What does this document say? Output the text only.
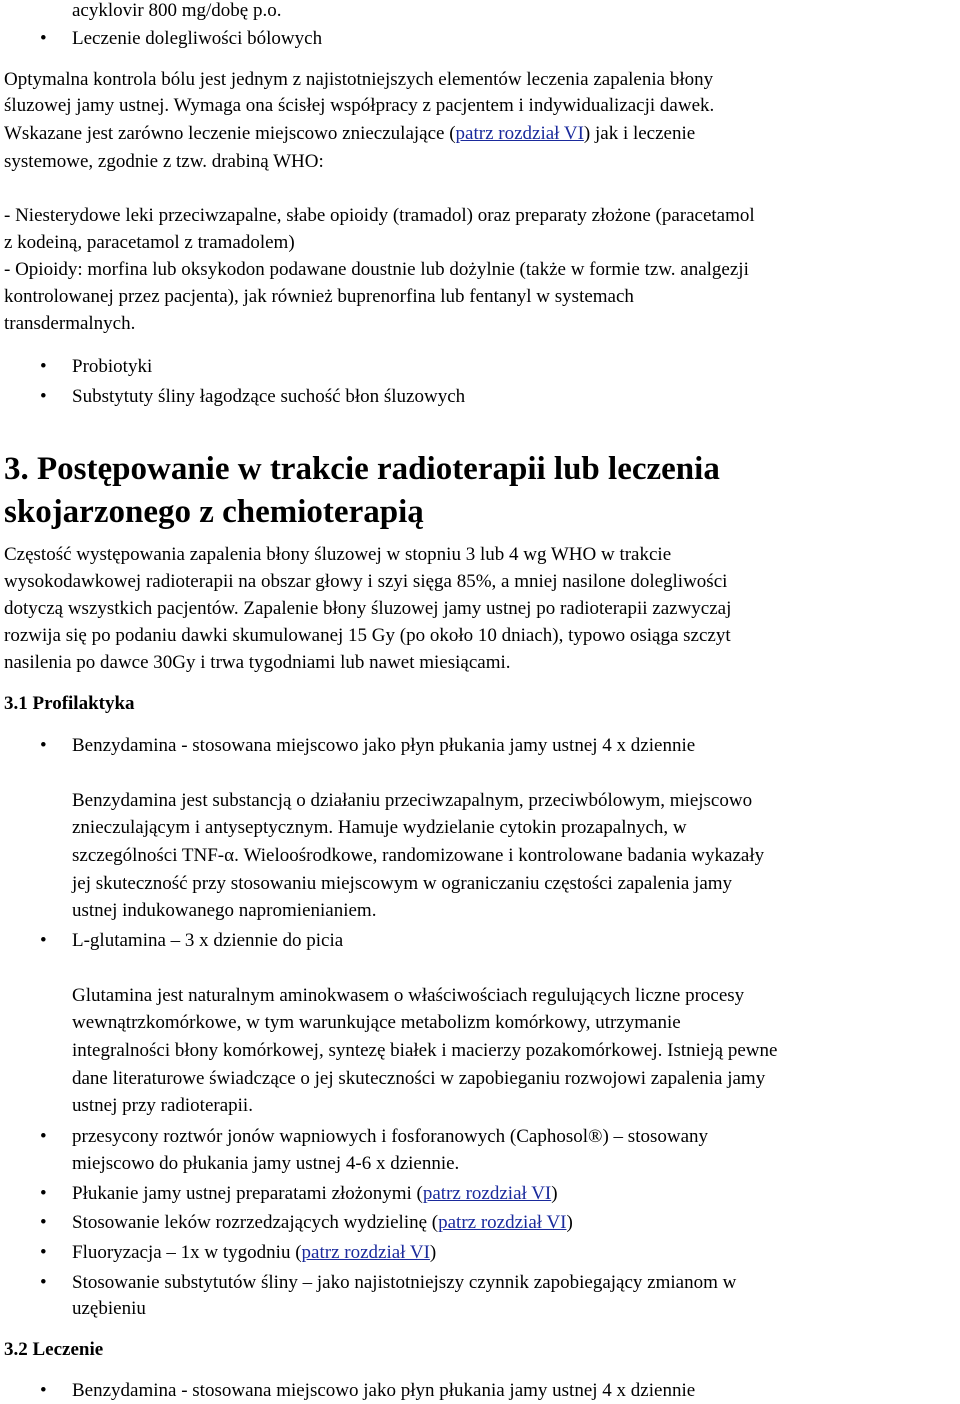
acyklovir 800 mg/dobę p.o.
• Leczenie dolegliwości bólowych
Optymalna kontrola bólu jest jednym z najistotniejszych elementów leczenia zapalenia błony
śluzowej jamy ustnej. Wymaga ona ścisłej współpracy z pacjentem i indywidualizacji dawek.
Wskazane jest zarówno leczenie miejscowo znieczulające (patrz rozdział VI) jak i leczenie
systemowe, zgodnie z tzw. drabiną WHO:
- Niesterydowe leki przeciwzapalne, słabe opioidy (tramadol) oraz preparaty złożone (paracetamol
z kodeiną, paracetamol z tramadolem)
- Opioidy: morfina lub oksykodon podawane doustnie lub dożylnie (także w formie tzw. analgezji
kontrolowanej przez pacjenta), jak również buprenorfina lub fentanyl w systemach
transdermalnych.
• Probiotyki
• Substytuty śliny łagodzące suchość błon śluzowych
3. Postępowanie w trakcie radioterapii lub leczenia
skojarzonego z chemioterapią
Częstość występowania zapalenia błony śluzowej w stopniu 3 lub 4 wg WHO w trakcie
wysokodawkowej radioterapii na obszar głowy i szyi sięga 85%, a mniej nasilone dolegliwości
dotyczą wszystkich pacjentów. Zapalenie błony śluzowej jamy ustnej po radioterapii zazwyczaj
rozwija się po podaniu dawki skumulowanej 15 Gy (po około 10 dniach), typowo osiąga szczyt
nasilenia po dawce 30Gy i trwa tygodniami lub nawet miesiącami.
3.1 Profilaktyka
• Benzydamina - stosowana miejscowo jako płyn płukania jamy ustnej 4 x dziennie
Benzydamina jest substancją o działaniu przeciwzapalnym, przeciwbólowym, miejscowo
znieczulającym i antyseptycznym. Hamuje wydzielanie cytokin prozapalnych, w
szczególności TNF-α. Wieloośrodkowe, randomizowane i kontrolowane badania wykazały
jej skuteczność przy stosowaniu miejscowym w ograniczaniu częstości zapalenia jamy
ustnej indukowanego napromienianiem.
• L-glutamina – 3 x dziennie do picia
Glutamina jest naturalnym aminokwasem o właściwościach regulujących liczne procesy
wewnątrzkomórkowe, w tym warunkujące metabolizm komórkowy, utrzymanie
integralności błony komórkowej, syntezę białek i macierzy pozakomórkowej. Istnieją pewne
dane literaturowe świadczące o jej skuteczności w zapobieganiu rozwojowi zapalenia jamy
ustnej przy radioterapii.
• przesycony roztwór jonów wapniowych i fosforanowych (Caphosol®) – stosowany
miejscowo do płukania jamy ustnej 4-6 x dziennie.
• Płukanie jamy ustnej preparatami złożonymi (patrz rozdział VI)
• Stosowanie leków rozrzedzających wydzielinę (patrz rozdział VI)
• Fluoryzacja – 1x w tygodniu (patrz rozdział VI)
• Stosowanie substytutów śliny – jako najistotniejszy czynnik zapobiegający zmianom w
uzębieniu
3.2 Leczenie
• Benzydamina - stosowana miejscowo jako płyn płukania jamy ustnej 4 x dziennie
